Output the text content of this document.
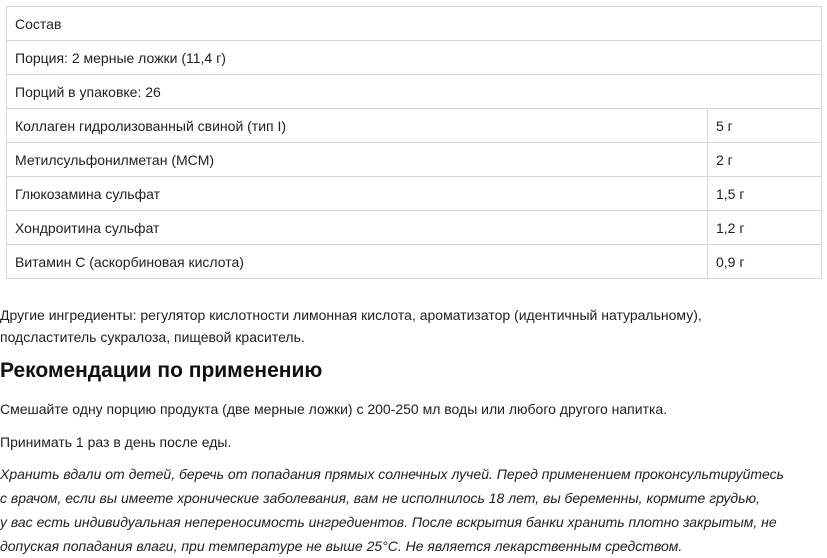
Состав	
Порция: 2 мерные ложки (11,4 г)	
Порций в упаковке: 26	
Коллаген гидролизованный свиной (тип I)	5 г
Метилсульфонилметан (MCM)	2 г
Глюкозамина сульфат	1,5 г
Хондроитина сульфат	1,2 г
Витамин C (аскорбиновая кислота)	0,9 г

Другие ингредиенты: регулятор кислотности лимонная кислота, ароматизатор (идентичный натуральному),
подсластитель сукралоза, пищевой краситель.

Рекомендации по применению

Смешайте одну порцию продукта (две мерные ложки) с 200-250 мл воды или любого другого напитка.

Принимать 1 раз в день после еды.

Хранить вдали от детей, беречь от попадания прямых солнечных лучей. Перед применением проконсультируйтесь
с врачом, если вы имеете хронические заболевания, вам не исполнилось 18 лет, вы беременны, кормите грудью,
у вас есть индивидуальная непереносимость ингредиентов. После вскрытия банки хранить плотно закрытым, не
допуская попадания влаги, при температуре не выше 25°C. Не является лекарственным средством.
